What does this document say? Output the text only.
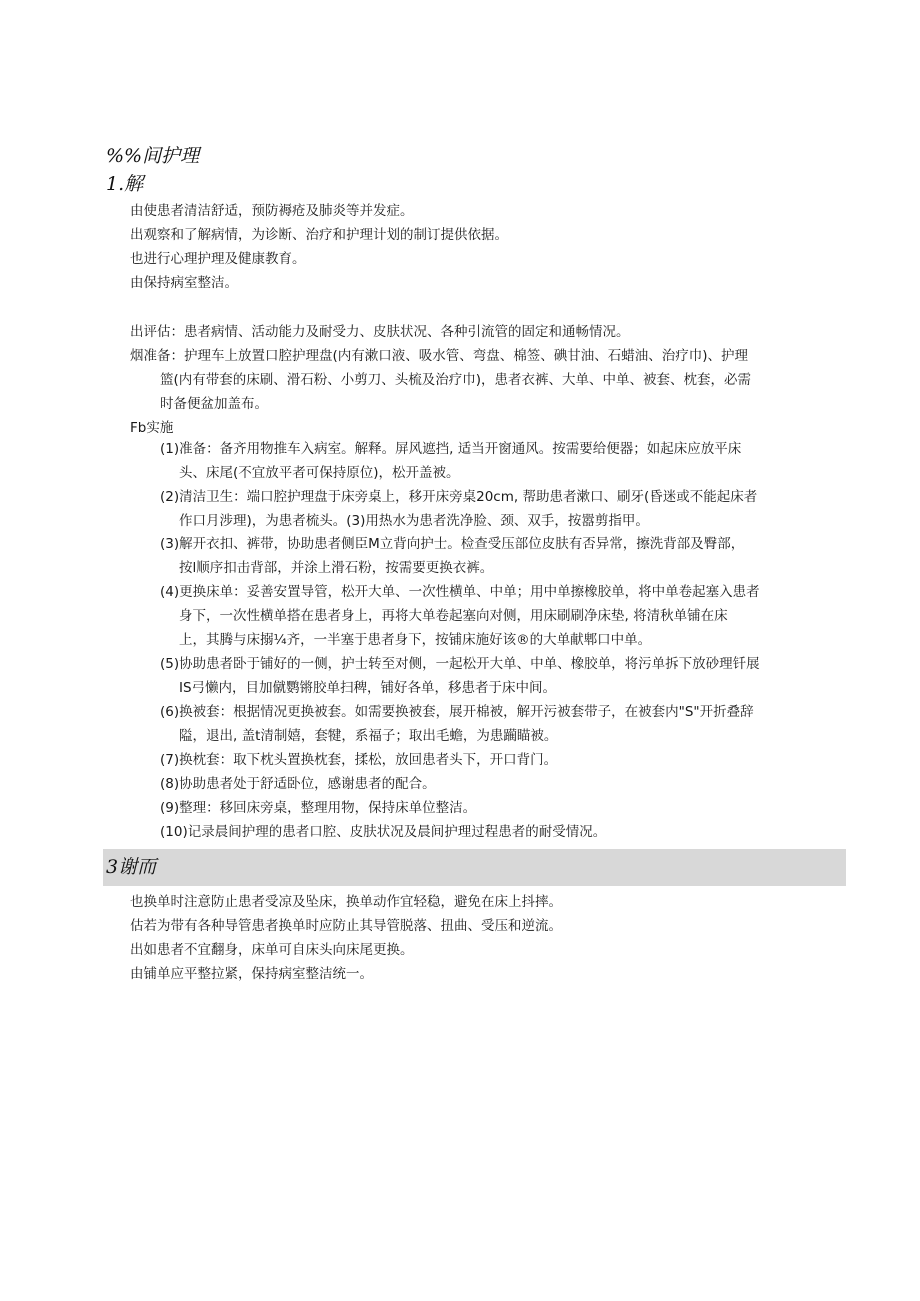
%%间护理
1.解
由使患者清洁舒适，预防褥疮及肺炎等并发症。
出观察和了解病情，为诊断、治疗和护理计划的制订提供依据。
也进行心理护理及健康教育。
由保持病室整洁。
出评估：患者病情、活动能力及耐受力、皮肤状况、各种引流管的固定和通畅情况。
烟准备：护理车上放置口腔护理盘(内有漱口液、吸水管、弯盘、棉签、碘甘油、石蜡油、治疗巾)、护理
篮(内有带套的床刷、滑石粉、小剪刀、头梳及治疗巾)，患者衣裤、大单、中单、被套、枕套，必需
时备便盆加盖布。
Fb实施
(1)准备：备齐用物推车入病室。解释。屏风遮挡, 适当开窗通风。按需要给便器；如起床应放平床
头、床尾(不宜放平者可保持原位)，松开盖被。
(2)清洁卫生：端口腔护理盘于床旁桌上，移开床旁桌20cm, 帮助患者漱口、刷牙(昏迷或不能起床者
作口月涉理)，为患者梳头。(3)用热水为患者洗净脸、颈、双手，按嚣剪指甲。
(3)解开衣扣、裤带，协助患者侧臣M立背向护士。检查受压部位皮肤有否异常，擦洗背部及臀部，
按l顺序扣击背部，并涂上滑石粉，按需要更换衣裤。
(4)更换床单：妥善安置导管，松开大单、一次性横单、中单；用中单擦橡胶单，将中单卷起塞入患者
身下，一次性横单搭在患者身上，再将大单卷起塞向对侧，用床刷刷净床垫, 将清秋单铺在床
上，其腾与床搦¼齐，一半塞于患者身下，按铺床施好该®的大单献郫口中单。
(5)协助患者卧于铺好的一侧，护士转至对侧，一起松开大单、中单、橡胶单，将污单拆下放砂理钎展
IS弓懒内，目加僦鹦锵胶单扫稗，铺好各单，移患者于床中间。
(6)换被套：根据情况更换被套。如需要换被套，展开棉被，解开污被套带子，在被套内"S"开折叠辞
隘，退出, 盖t清制嬉，套犍，系福子；取出毛蟾，为患躏瞄被。
(7)换枕套：取下枕头置换枕套，揉松，放回患者头下，开口背门。
(8)协助患者处于舒适卧位，感谢患者的配合。
(9)整理：移回床旁桌，整理用物，保持床单位整洁。
(10)记录晨间护理的患者口腔、皮肤状况及晨间护理过程患者的耐受情况。
3谢而
也换单时注意防止患者受凉及坠床，换单动作宜轻稳，避免在床上抖摔。
估若为带有各种导管患者换单时应防止其导管脱落、扭曲、受压和逆流。
出如患者不宜翻身，床单可自床头向床尾更换。
由铺单应平整拉紧，保持病室整洁统一。
